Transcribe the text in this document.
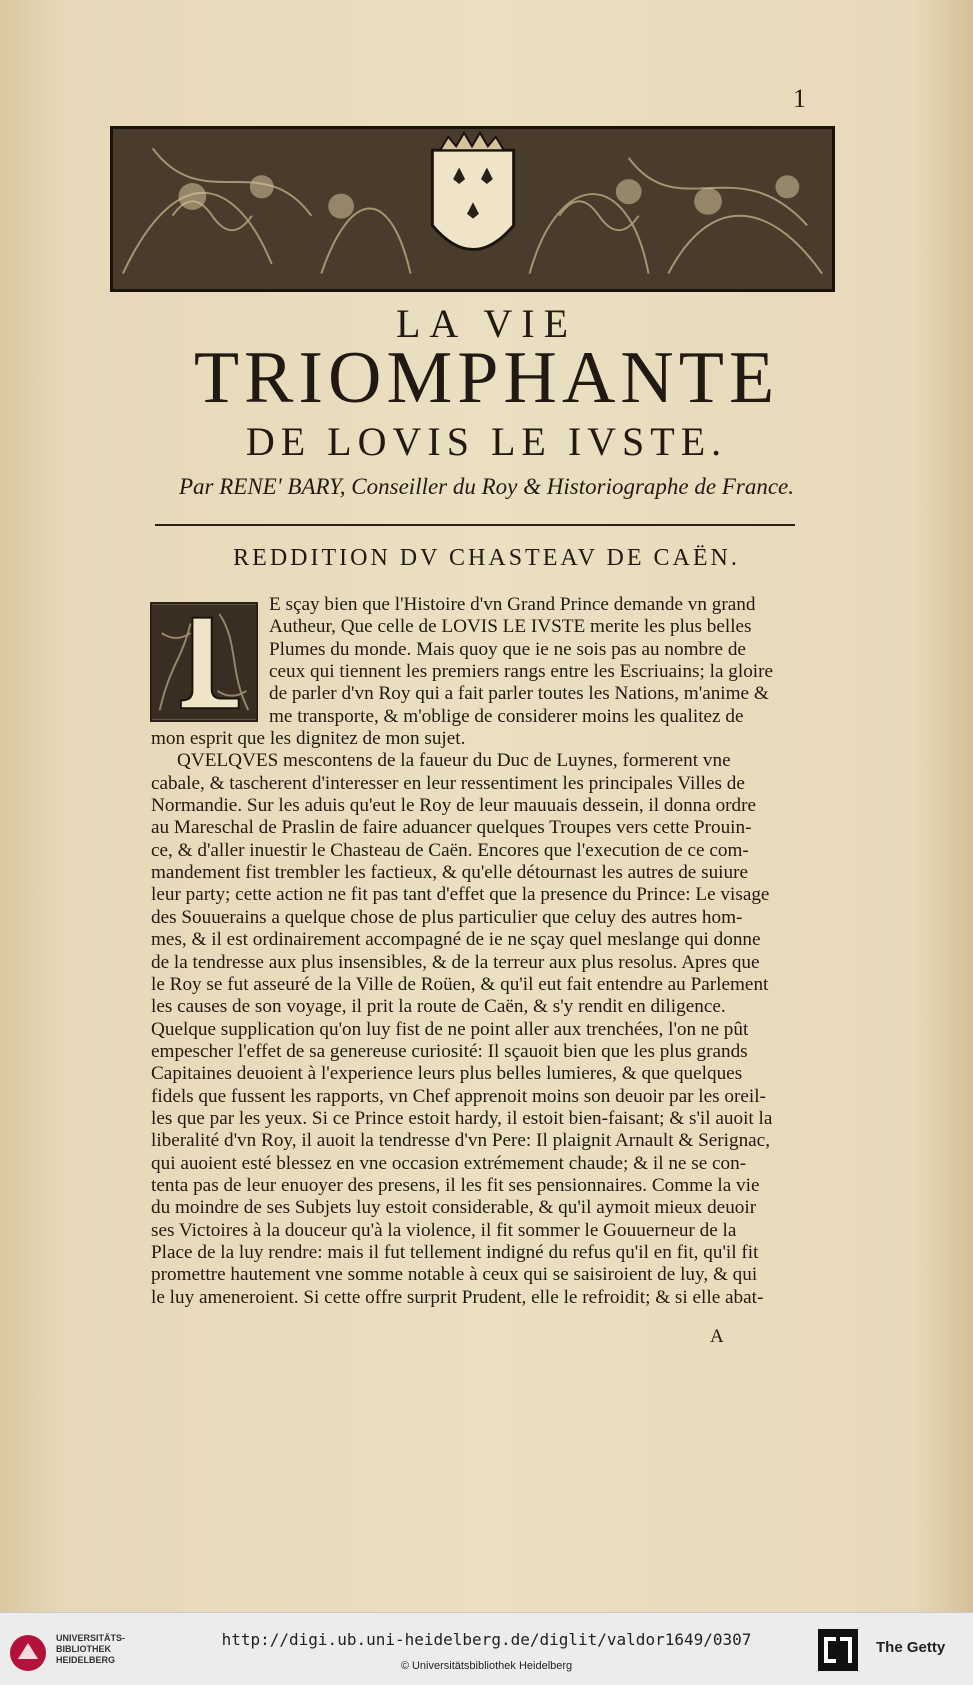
1
LA VIE
TRIOMPHANTE
DE LOVIS LE IVSTE.
Par RENE' BARY, Conseiller du Roy & Historiographe de France.
REDDITION DV CHASTEAV DE CAËN.
E sçay bien que l'Histoire d'vn Grand Prince demande vn grand
Autheur, Que celle de LOVIS LE IVSTE merite les plus belles
Plumes du monde. Mais quoy que ie ne sois pas au nombre de
ceux qui tiennent les premiers rangs entre les Escriuains; la gloire
de parler d'vn Roy qui a fait parler toutes les Nations, m'anime &
me transporte, & m'oblige de considerer moins les qualitez de
mon esprit que les dignitez de mon sujet.
QVELQVES mescontens de la faueur du Duc de Luynes, formerent vne
cabale, & tascherent d'interesser en leur ressentiment les principales Villes de
Normandie. Sur les aduis qu'eut le Roy de leur mauuais dessein, il donna ordre
au Mareschal de Praslin de faire aduancer quelques Troupes vers cette Prouin-
ce, & d'aller inuestir le Chasteau de Caën. Encores que l'execution de ce com-
mandement fist trembler les factieux, & qu'elle détournast les autres de suiure
leur party; cette action ne fit pas tant d'effet que la presence du Prince: Le visage
des Souuerains a quelque chose de plus particulier que celuy des autres hom-
mes, & il est ordinairement accompagné de ie ne sçay quel meslange qui donne
de la tendresse aux plus insensibles, & de la terreur aux plus resolus. Apres que
le Roy se fut asseuré de la Ville de Roüen, & qu'il eut fait entendre au Parlement
les causes de son voyage, il prit la route de Caën, & s'y rendit en diligence.
Quelque supplication qu'on luy fist de ne point aller aux trenchées, l'on ne pût
empescher l'effet de sa genereuse curiosité: Il sçauoit bien que les plus grands
Capitaines deuoient à l'experience leurs plus belles lumieres, & que quelques
fidels que fussent les rapports, vn Chef apprenoit moins son deuoir par les oreil-
les que par les yeux. Si ce Prince estoit hardy, il estoit bien-faisant; & s'il auoit la
liberalité d'vn Roy, il auoit la tendresse d'vn Pere: Il plaignit Arnault & Serignac,
qui auoient esté blessez en vne occasion extrémement chaude; & il ne se con-
tenta pas de leur enuoyer des presens, il les fit ses pensionnaires. Comme la vie
du moindre de ses Subjets luy estoit considerable, & qu'il aymoit mieux deuoir
ses Victoires à la douceur qu'à la violence, il fit sommer le Gouuerneur de la
Place de la luy rendre: mais il fut tellement indigné du refus qu'il en fit, qu'il fit
promettre hautement vne somme notable à ceux qui se saisiroient de luy, & qui
le luy ameneroient. Si cette offre surprit Prudent, elle le refroidit; & si elle abat-
A
UNIVERSITÄTS-
BIBLIOTHEK
HEIDELBERG
http://digi.ub.uni-heidelberg.de/diglit/valdor1649/0307
© Universitätsbibliothek Heidelberg
The Getty
